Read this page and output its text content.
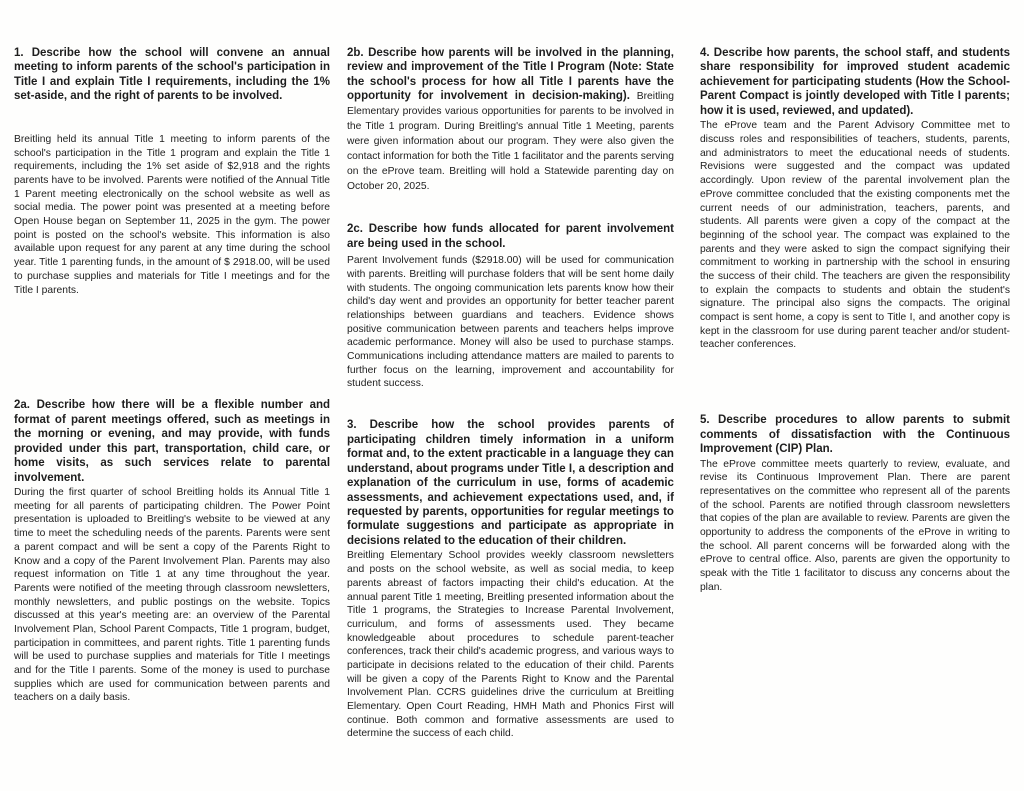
1. Describe how the school will convene an annual meeting to inform parents of the school's participation in Title I and explain Title I requirements, including the 1% set-aside, and the right of parents to be involved.

Breitling held its annual Title 1 meeting to inform parents of the school's participation in the Title 1 program and explain the Title 1 requirements, including the 1% set aside of $2,918 and the rights parents have to be involved. Parents were notified of the Annual Title 1 Parent meeting electronically on the school website as well as social media. The power point was presented at a meeting before Open House began on September 11, 2025 in the gym. The power point is posted on the school's website. This information is also available upon request for any parent at any time during the school year. Title 1 parenting funds, in the amount of $ 2918.00, will be used to purchase supplies and materials for Title I meetings and for the Title I parents.

2a. Describe how there will be a flexible number and format of parent meetings offered, such as meetings in the morning or evening, and may provide, with funds provided under this part, transportation, child care, or home visits, as such services relate to parental involvement.

During the first quarter of school Breitling holds its Annual Title 1 meeting for all parents of participating children. The Power Point presentation is uploaded to Breitling's website to be viewed at any time to meet the scheduling needs of the parents. Parents were sent a parent compact and will be sent a copy of the Parents Right to Know and a copy of the Parent Involvement Plan. Parents may also request information on Title 1 at any time throughout the year. Parents were notified of the meeting through classroom newsletters, monthly newsletters, and public postings on the website. Topics discussed at this year's meeting are: an overview of the Parental Involvement Plan, School Parent Compacts, Title 1 program, budget, participation in committees, and parent rights. Title 1 parenting funds will be used to purchase supplies and materials for Title I meetings and for the Title I parents. Some of the money is used to purchase supplies which are used for communication between parents and teachers on a daily basis.

2b. Describe how parents will be involved in the planning, review and improvement of the Title I Program (Note: State the school's process for how all Title I parents have the opportunity for involvement in decision-making). Breitling Elementary provides various opportunities for parents to be involved in the Title 1 program. During Breitling's annual Title 1 Meeting, parents were given information about our program. They were also given the contact information for both the Title 1 facilitator and the parents serving on the eProve team. Breitling will hold a Statewide parenting day on October 20, 2025.

2c. Describe how funds allocated for parent involvement are being used in the school.

Parent Involvement funds ($2918.00) will be used for communication with parents. Breitling will purchase folders that will be sent home daily with students. The ongoing communication lets parents know how their child's day went and provides an opportunity for better teacher parent relationships between guardians and teachers. Evidence shows positive communication between parents and teachers helps improve academic performance. Money will also be used to purchase stamps. Communications including attendance matters are mailed to parents to further focus on the learning, improvement and accountability for student success.

3. Describe how the school provides parents of participating children timely information in a uniform format and, to the extent practicable in a language they can understand, about programs under Title I, a description and explanation of the curriculum in use, forms of academic assessments, and achievement expectations used, and, if requested by parents, opportunities for regular meetings to formulate suggestions and participate as appropriate in decisions related to the education of their children.

Breitling Elementary School provides weekly classroom newsletters and posts on the school website, as well as social media, to keep parents abreast of factors impacting their child's education. At the annual parent Title 1 meeting, Breitling presented information about the Title 1 programs, the Strategies to Increase Parental Involvement, curriculum, and forms of assessments used. They became knowledgeable about procedures to schedule parent-teacher conferences, track their child's academic progress, and various ways to participate in decisions related to the education of their child. Parents will be given a copy of the Parents Right to Know and the Parental Involvement Plan. CCRS guidelines drive the curriculum at Breitling Elementary. Open Court Reading, HMH Math and Phonics First will continue. Both common and formative assessments are used to determine the success of each child.

4. Describe how parents, the school staff, and students share responsibility for improved student academic achievement for participating students (How the School-Parent Compact is jointly developed with Title I parents; how it is used, reviewed, and updated).

The eProve team and the Parent Advisory Committee met to discuss roles and responsibilities of teachers, students, parents, and administrators to meet the educational needs of students. Revisions were suggested and the compact was updated accordingly. Upon review of the parental involvement plan the eProve committee concluded that the existing components met the current needs of our administration, teachers, parents, and students. All parents were given a copy of the compact at the beginning of the school year. The compact was explained to the parents and they were asked to sign the compact signifying their commitment to working in partnership with the school in ensuring the success of their child. The teachers are given the responsibility to explain the compacts to students and obtain the student's signature. The principal also signs the compacts. The original compact is sent home, a copy is sent to Title I, and another copy is kept in the classroom for use during parent teacher and/or student-teacher conferences.

5. Describe procedures to allow parents to submit comments of dissatisfaction with the Continuous Improvement (CIP) Plan.

The eProve committee meets quarterly to review, evaluate, and revise its Continuous Improvement Plan. There are parent representatives on the committee who represent all of the parents of the school. Parents are notified through classroom newsletters that copies of the plan are available to review. Parents are given the opportunity to address the components of the eProve in writing to the school. All parent concerns will be forwarded along with the eProve to central office. Also, parents are given the opportunity to speak with the Title 1 facilitator to discuss any concerns about the plan.
